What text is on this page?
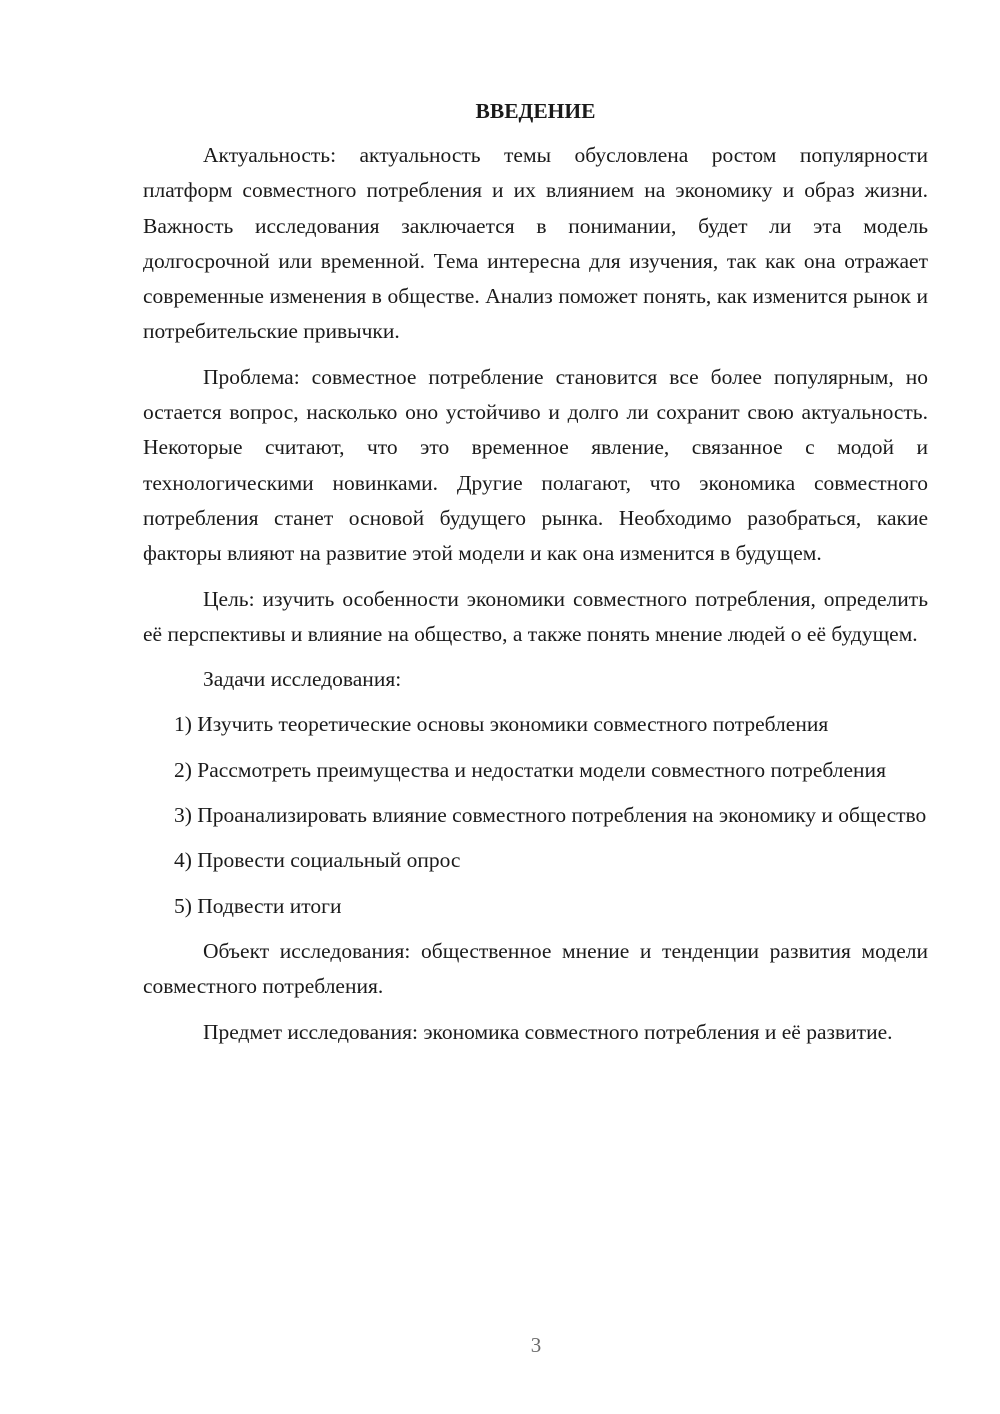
ВВЕДЕНИЕ

Актуальность: актуальность темы обусловлена ростом популярности платформ совместного потребления и их влиянием на экономику и образ жизни. Важность исследования заключается в понимании, будет ли эта модель долгосрочной или временной. Тема интересна для изучения, так как она отражает современные изменения в обществе. Анализ поможет понять, как изменится рынок и потребительские привычки.

Проблема: совместное потребление становится все более популярным, но остается вопрос, насколько оно устойчиво и долго ли сохранит свою актуальность. Некоторые считают, что это временное явление, связанное с модой и технологическими новинками. Другие полагают, что экономика совместного потребления станет основой будущего рынка. Необходимо разобраться, какие факторы влияют на развитие этой модели и как она изменится в будущем.

Цель: изучить особенности экономики совместного потребления, определить её перспективы и влияние на общество, а также понять мнение людей о её будущем.

Задачи исследования:

1) Изучить теоретические основы экономики совместного потребления

2) Рассмотреть преимущества и недостатки модели совместного потребления

3) Проанализировать влияние совместного потребления на экономику и общество

4) Провести социальный опрос

5) Подвести итоги

Объект исследования: общественное мнение и тенденции развития модели совместного потребления.

Предмет исследования: экономика совместного потребления и её развитие.

3
